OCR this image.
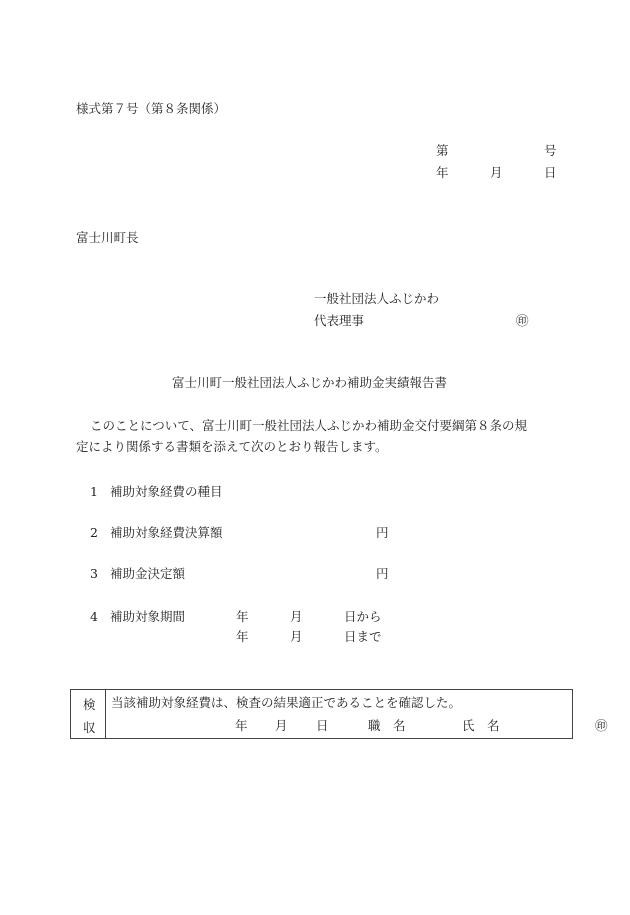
様式第７号（第８条関係）
第	号
年	月	日
富士川町長
一般社団法人ふじかわ
代表理事	㊞
富士川町一般社団法人ふじかわ補助金実績報告書
このことについて、富士川町一般社団法人ふじかわ補助金交付要綱第８条の規
定により関係する書類を添えて次のとおり報告します。
1 補助対象経費の種目
2 補助対象経費決算額	円
3 補助金決定額	円
4 補助対象期間	年	月	日から
年	月	日まで
検
収
当該補助対象経費は、検査の結果適正であることを確認した。
年 月 日	職　名	氏　名	㊞
